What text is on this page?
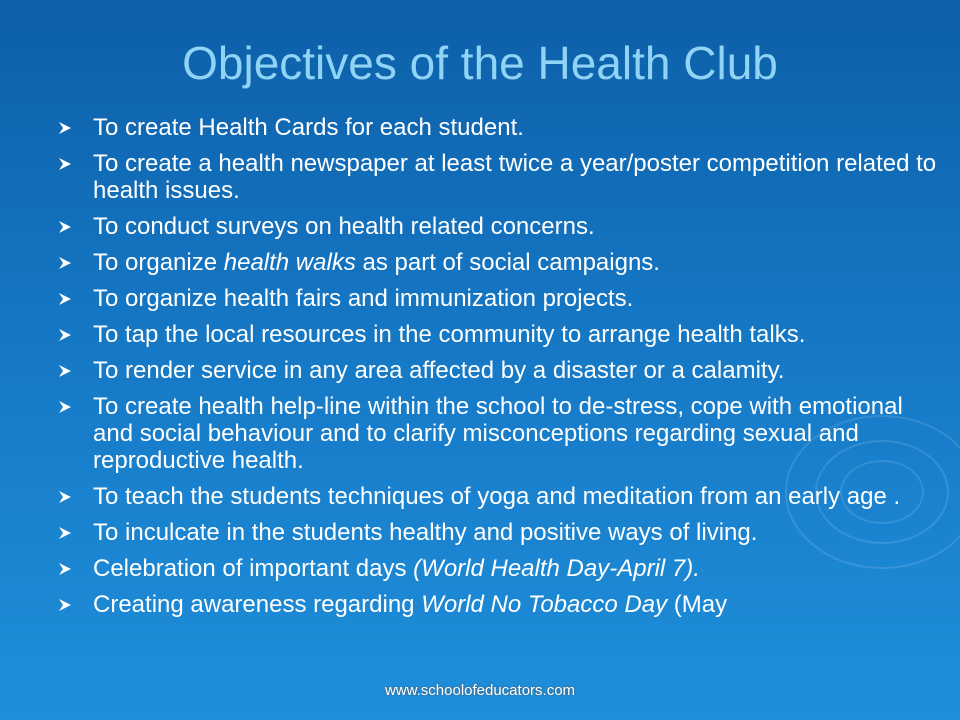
Objectives of the Health Club
To create Health Cards for each student.
To create a health newspaper at least twice a year/poster competition related to health issues.
To conduct surveys on health related concerns.
To organize health walks as part of social campaigns.
To organize health fairs and immunization projects.
To tap the local resources in the community to arrange health talks.
To render service in any area affected by a disaster or a calamity.
To create health help-line within the school to de-stress, cope with emotional and social behaviour and to clarify misconceptions regarding sexual and reproductive health.
To teach the students techniques of yoga and meditation from an early age .
To inculcate in the students healthy and positive ways of living.
Celebration of important days (World Health Day-April 7).
Creating awareness regarding World No Tobacco Day (May
www.schoolofeducators.com
